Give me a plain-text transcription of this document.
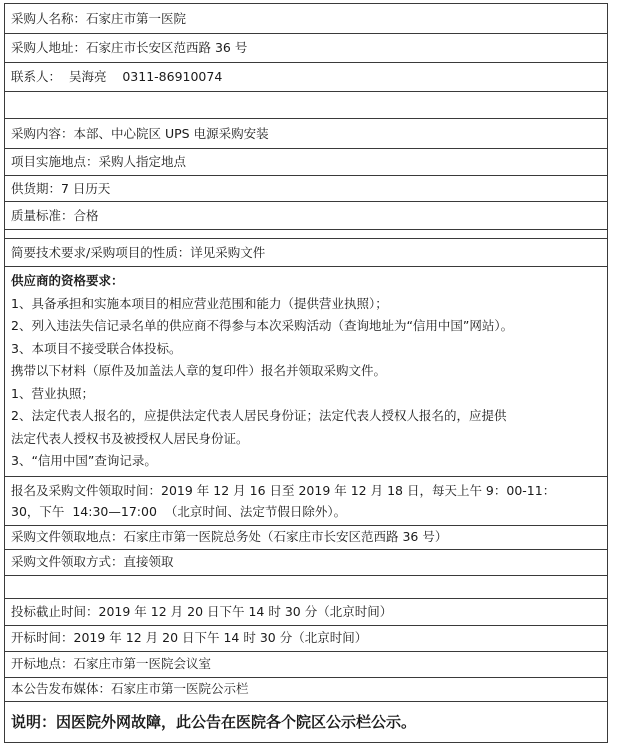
采购人名称：石家庄市第一医院
采购人地址：石家庄市长安区范西路 36 号
联系人：  吴海亮    0311-86910074
采购内容：本部、中心院区 UPS 电源采购安装
项目实施地点：采购人指定地点
供货期：7 日历天
质量标准：合格
简要技术要求/采购项目的性质：详见采购文件
供应商的资格要求：
1、具备承担和实施本项目的相应营业范围和能力（提供营业执照）；
2、列入违法失信记录名单的供应商不得参与本次采购活动（查询地址为“信用中国”网站）。
3、本项目不接受联合体投标。
携带以下材料（原件及加盖法人章的复印件）报名并领取采购文件。
1、营业执照；
2、法定代表人报名的，应提供法定代表人居民身份证；法定代表人授权人报名的，应提供
法定代表人授权书及被授权人居民身份证。
3、“信用中国”查询记录。
报名及采购文件领取时间：2019 年 12 月 16 日至 2019 年 12 月 18 日，每天上午 9：00-11：
30，下午  14:30—17:00  （北京时间、法定节假日除外）。
采购文件领取地点：石家庄市第一医院总务处（石家庄市长安区范西路 36 号）
采购文件领取方式：直接领取
投标截止时间：2019 年 12 月 20 日下午 14 时 30 分（北京时间）
开标时间：2019 年 12 月 20 日下午 14 时 30 分（北京时间）
开标地点：石家庄市第一医院会议室
本公告发布媒体：石家庄市第一医院公示栏
说明：因医院外网故障，此公告在医院各个院区公示栏公示。
